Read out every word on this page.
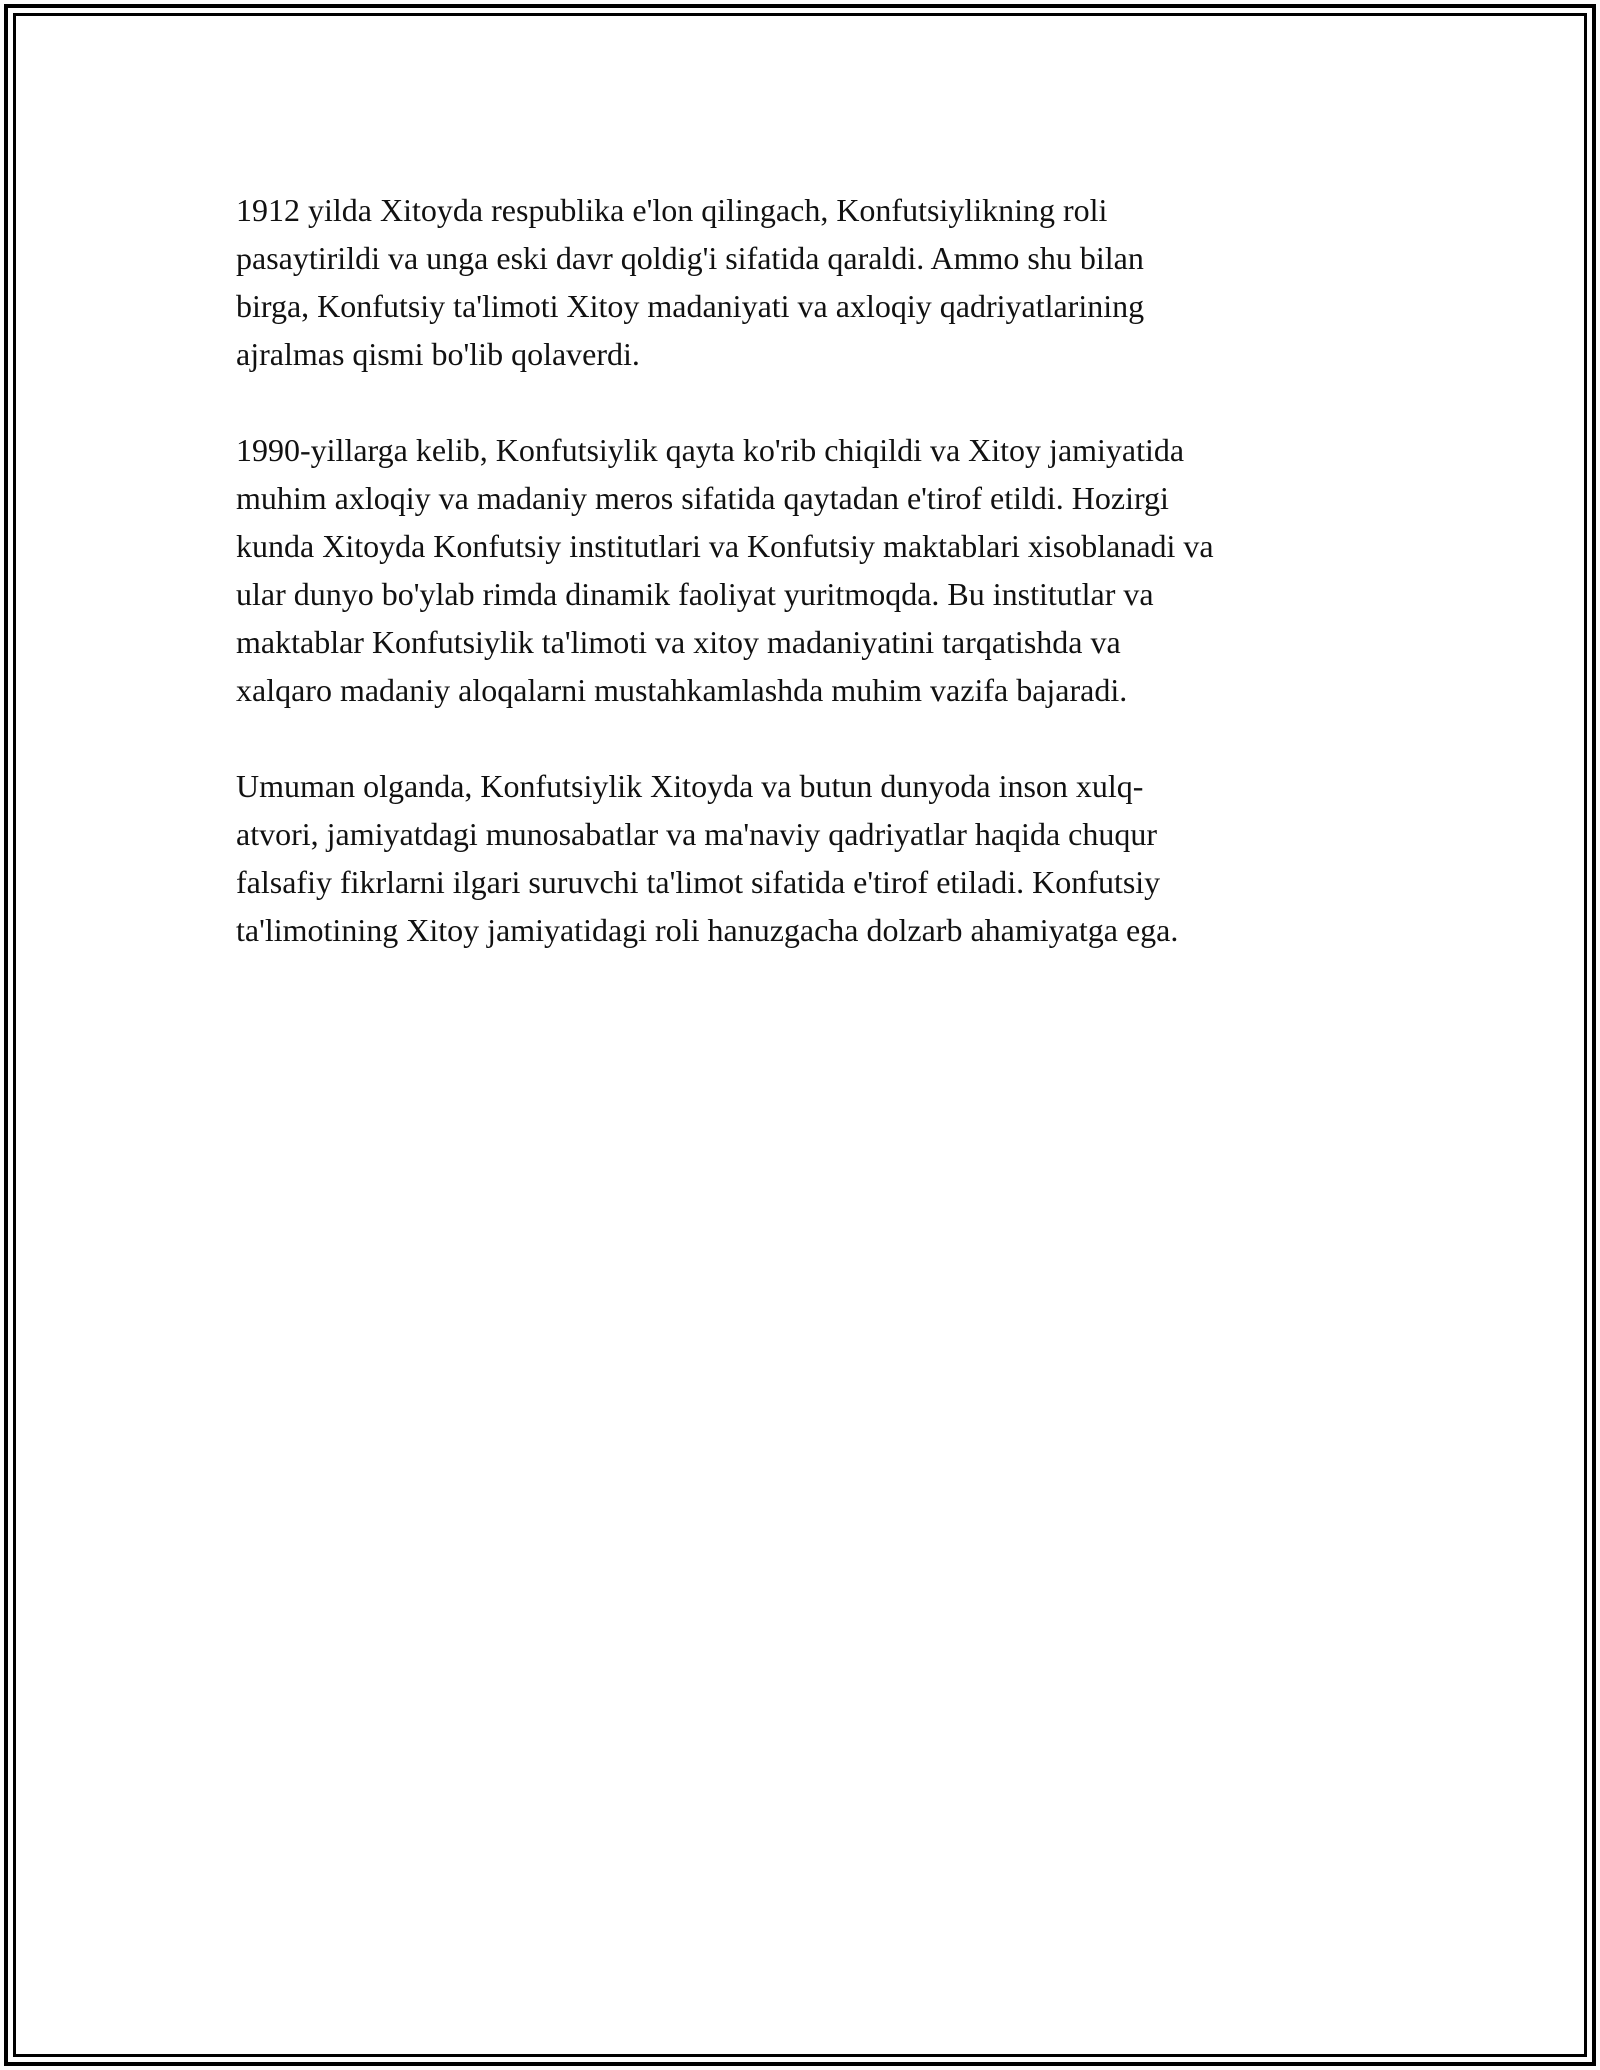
1912 yilda Xitoyda respublika e'lon qilingach, Konfutsiylikning roli
pasaytirildi va unga eski davr qoldig'i sifatida qaraldi. Ammo shu bilan
birga, Konfutsiy ta'limoti Xitoy madaniyati va axloqiy qadriyatlarining
ajralmas qismi bo'lib qolaverdi.

1990-yillarga kelib, Konfutsiylik qayta ko'rib chiqildi va Xitoy jamiyatida
muhim axloqiy va madaniy meros sifatida qaytadan e'tirof etildi. Hozirgi
kunda Xitoyda Konfutsiy institutlari va Konfutsiy maktablari xisoblanadi va
ular dunyo bo'ylab rimda dinamik faoliyat yuritmoqda. Bu institutlar va
maktablar Konfutsiylik ta'limoti va xitoy madaniyatini tarqatishda va
xalqaro madaniy aloqalarni mustahkamlashda muhim vazifa bajaradi.

Umuman olganda, Konfutsiylik Xitoyda va butun dunyoda inson xulq-
atvori, jamiyatdagi munosabatlar va ma'naviy qadriyatlar haqida chuqur
falsafiy fikrlarni ilgari suruvchi ta'limot sifatida e'tirof etiladi. Konfutsiy
ta'limotining Xitoy jamiyatidagi roli hanuzgacha dolzarb ahamiyatga ega.
